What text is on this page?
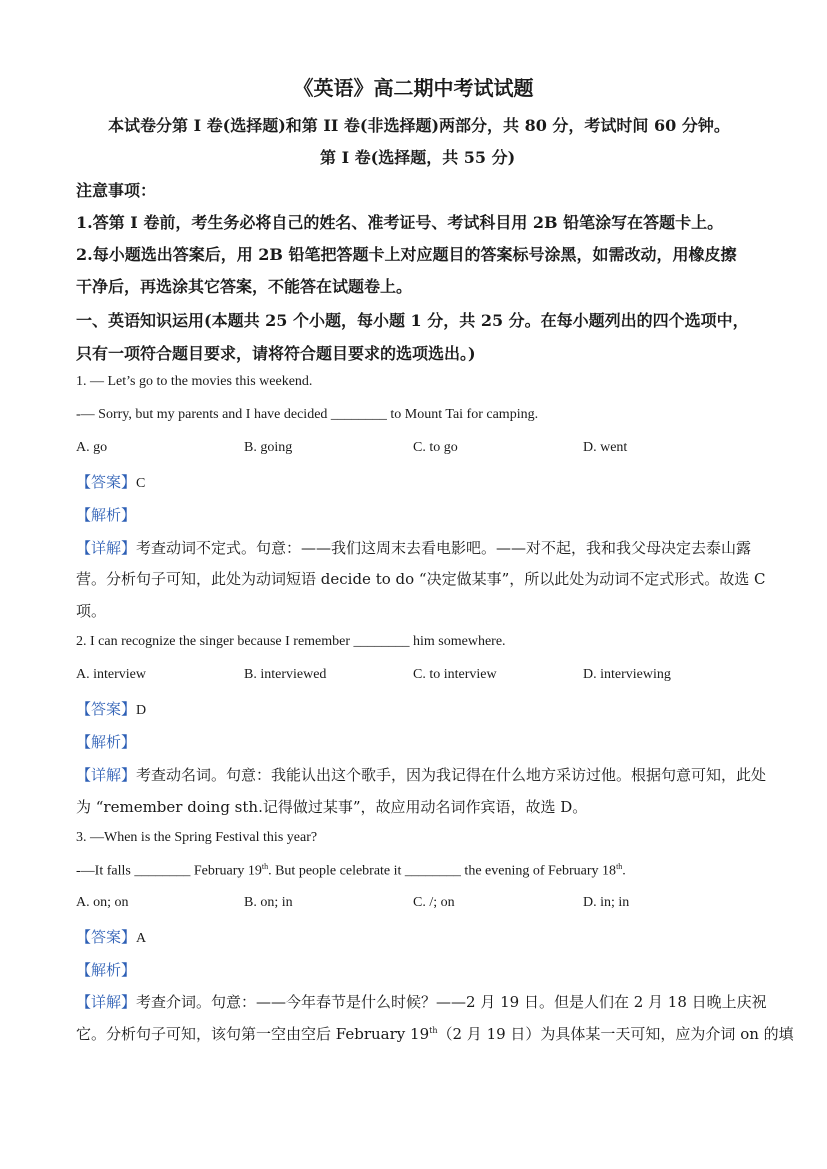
《英语》高二期中考试试题
本试卷分第 I 卷(选择题)和第 II 卷(非选择题)两部分，共 80 分，考试时间 60 分钟。
第 I 卷(选择题，共 55 分)
注意事项：
1.答第 I 卷前，考生务必将自己的姓名、准考证号、考试科目用 2B 铅笔涂写在答题卡上。
2.每小题选出答案后，用 2B 铅笔把答题卡上对应题目的答案标号涂黑，如需改动，用橡皮擦
干净后，再选涂其它答案，不能答在试题卷上。
一、英语知识运用(本题共 25 个小题，每小题 1 分，共 25 分。在每小题列出的四个选项中，
只有一项符合题目要求，请将符合题目要求的选项选出。)
1. — Let’s go to the movies this weekend.
-— Sorry, but my parents and I have decided ________ to Mount Tai for camping.
A. go	B. going	C. to go	D. went
【答案】C
【解析】
【详解】考查动词不定式。句意：——我们这周末去看电影吧。——对不起，我和我父母决定去泰山露
营。分析句子可知，此处为动词短语 decide to do “决定做某事”，所以此处为动词不定式形式。故选 C
项。
2. I can recognize the singer because I remember ________ him somewhere.
A. interview	B. interviewed	C. to interview	D. interviewing
【答案】D
【解析】
【详解】考查动名词。句意：我能认出这个歌手，因为我记得在什么地方采访过他。根据句意可知，此处
为 “remember doing sth.记得做过某事”，故应用动名词作宾语，故选 D。
3. —When is the Spring Festival this year?
-—It falls ________ February 19th. But people celebrate it ________ the evening of February 18th.
A. on; on	B. on; in	C. /; on	D. in; in
【答案】A
【解析】
【详解】考查介词。句意：——今年春节是什么时候？——2 月 19 日。但是人们在 2 月 18 日晚上庆祝
它。分析句子可知，该句第一空由空后 February 19th（2 月 19 日）为具体某一天可知，应为介词 on 的填
